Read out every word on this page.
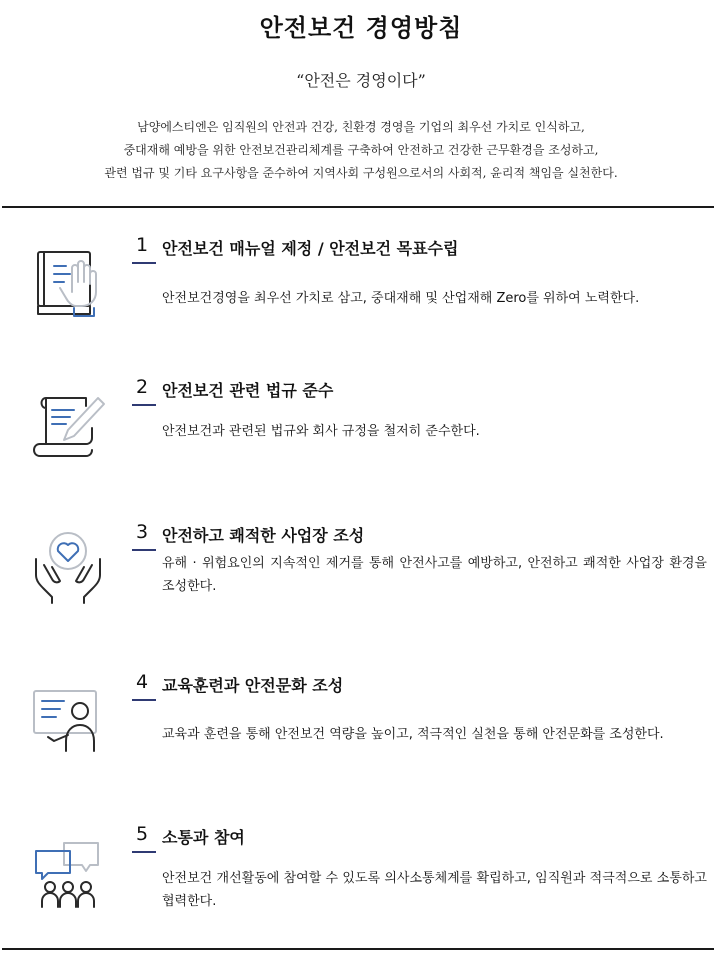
안전보건 경영방침
“안전은 경영이다”
남양에스티엔은 임직원의 안전과 건강, 친환경 경영을 기업의 최우선 가치로 인식하고,
중대재해 예방을 위한 안전보건관리체계를 구축하여 안전하고 건강한 근무환경을 조성하고,
관련 법규 및 기타 요구사항을 준수하여 지역사회 구성원으로서의 사회적, 윤리적 책임을 실천한다.
1 안전보건 매뉴얼 제정 / 안전보건 목표수립
안전보건경영을 최우선 가치로 삼고, 중대재해 및 산업재해 Zero를 위하여 노력한다.
2 안전보건 관련 법규 준수
안전보건과 관련된 법규와 회사 규정을 철저히 준수한다.
3 안전하고 쾌적한 사업장 조성
유해 · 위험요인의 지속적인 제거를 통해 안전사고를 예방하고, 안전하고 쾌적한 사업장 환경을 조성한다.
4 교육훈련과 안전문화 조성
교육과 훈련을 통해 안전보건 역량을 높이고, 적극적인 실천을 통해 안전문화를 조성한다.
5 소통과 참여
안전보건 개선활동에 참여할 수 있도록 의사소통체계를 확립하고, 임직원과 적극적으로 소통하고 협력한다.
